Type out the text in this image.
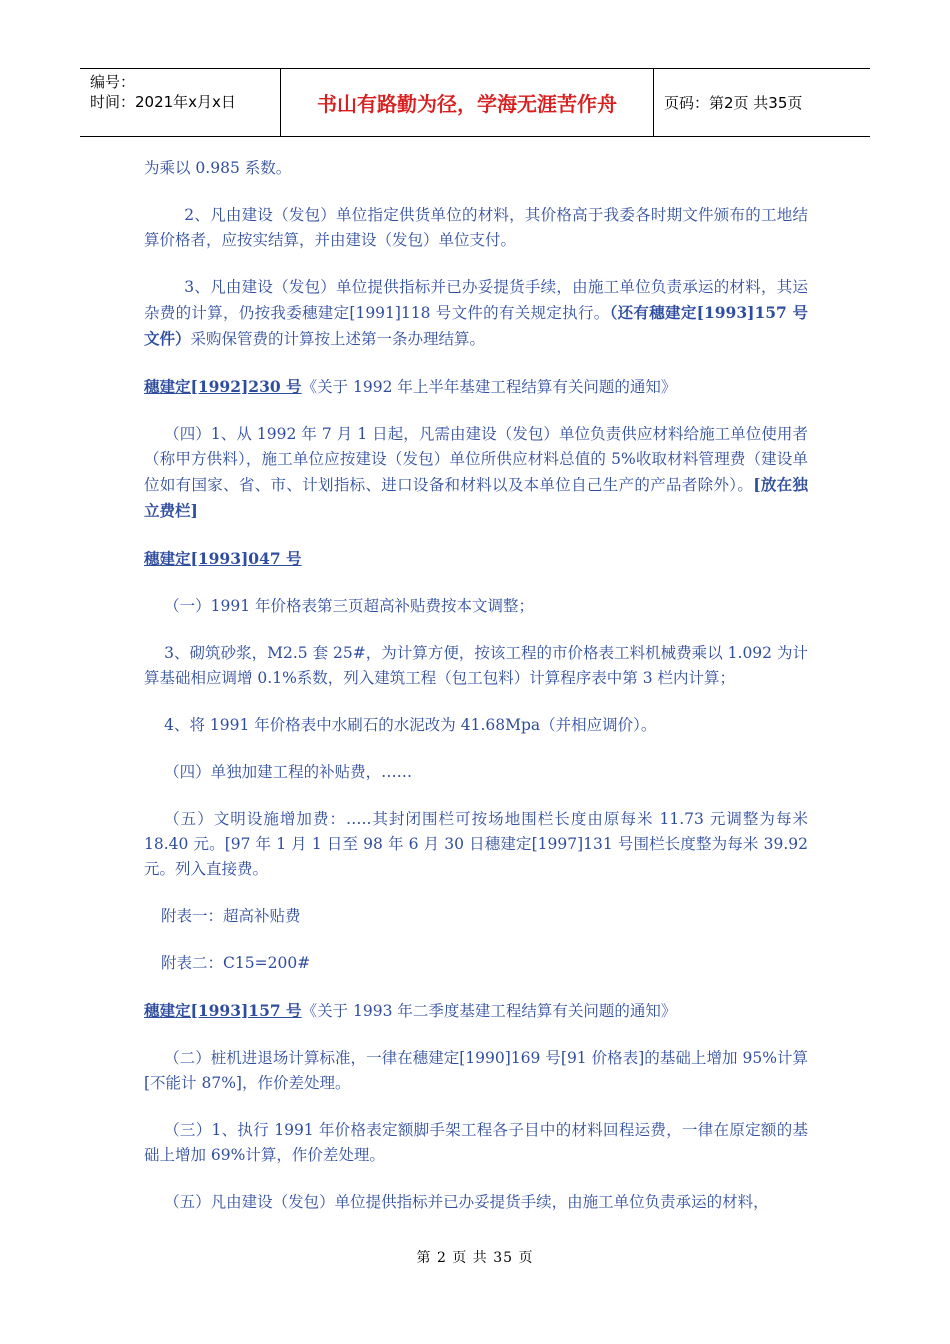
编号：
时间：2021年x月x日	书山有路勤为径，学海无涯苦作舟	页码：第2页 共35页

为乘以 0.985 系数。

2、凡由建设（发包）单位指定供货单位的材料，其价格高于我委各时期文件颁布的工地结算价格者，应按实结算，并由建设（发包）单位支付。

3、凡由建设（发包）单位提供指标并已办妥提货手续，由施工单位负责承运的材料，其运杂费的计算，仍按我委穗建定[1991]118 号文件的有关规定执行。（还有穗建定[1993]157 号文件）采购保管费的计算按上述第一条办理结算。

穗建定[1992]230 号《关于 1992 年上半年基建工程结算有关问题的通知》

（四）1、从 1992 年 7 月 1 日起，凡需由建设（发包）单位负责供应材料给施工单位使用者（称甲方供料），施工单位应按建设（发包）单位所供应材料总值的 5%收取材料管理费（建设单位如有国家、省、市、计划指标、进口设备和材料以及本单位自己生产的产品者除外）。[放在独立费栏]

穗建定[1993]047 号

（一）1991 年价格表第三页超高补贴费按本文调整；

3、砌筑砂浆，M2.5 套 25#，为计算方便，按该工程的市价格表工料机械费乘以 1.092 为计算基础相应调增 0.1%系数，列入建筑工程（包工包料）计算程序表中第 3 栏内计算；

4、将 1991 年价格表中水刷石的水泥改为 41.68Mpa（并相应调价）。

（四）单独加建工程的补贴费，……

（五）文明设施增加费：…..其封闭围栏可按场地围栏长度由原每米 11.73 元调整为每米 18.40 元。[97 年 1 月 1 日至 98 年 6 月 30 日穗建定[1997]131 号围栏长度整为每米 39.92 元。列入直接费。

附表一：超高补贴费

附表二：C15=200#

穗建定[1993]157 号《关于 1993 年二季度基建工程结算有关问题的通知》

（二）桩机进退场计算标准，一律在穗建定[1990]169 号[91 价格表]的基础上增加 95%计算[不能计 87%]，作价差处理。

（三）1、执行 1991 年价格表定额脚手架工程各子目中的材料回程运费，一律在原定额的基础上增加 69%计算，作价差处理。

（五）凡由建设（发包）单位提供指标并已办妥提货手续，由施工单位负责承运的材料，

第 2 页 共 35 页
